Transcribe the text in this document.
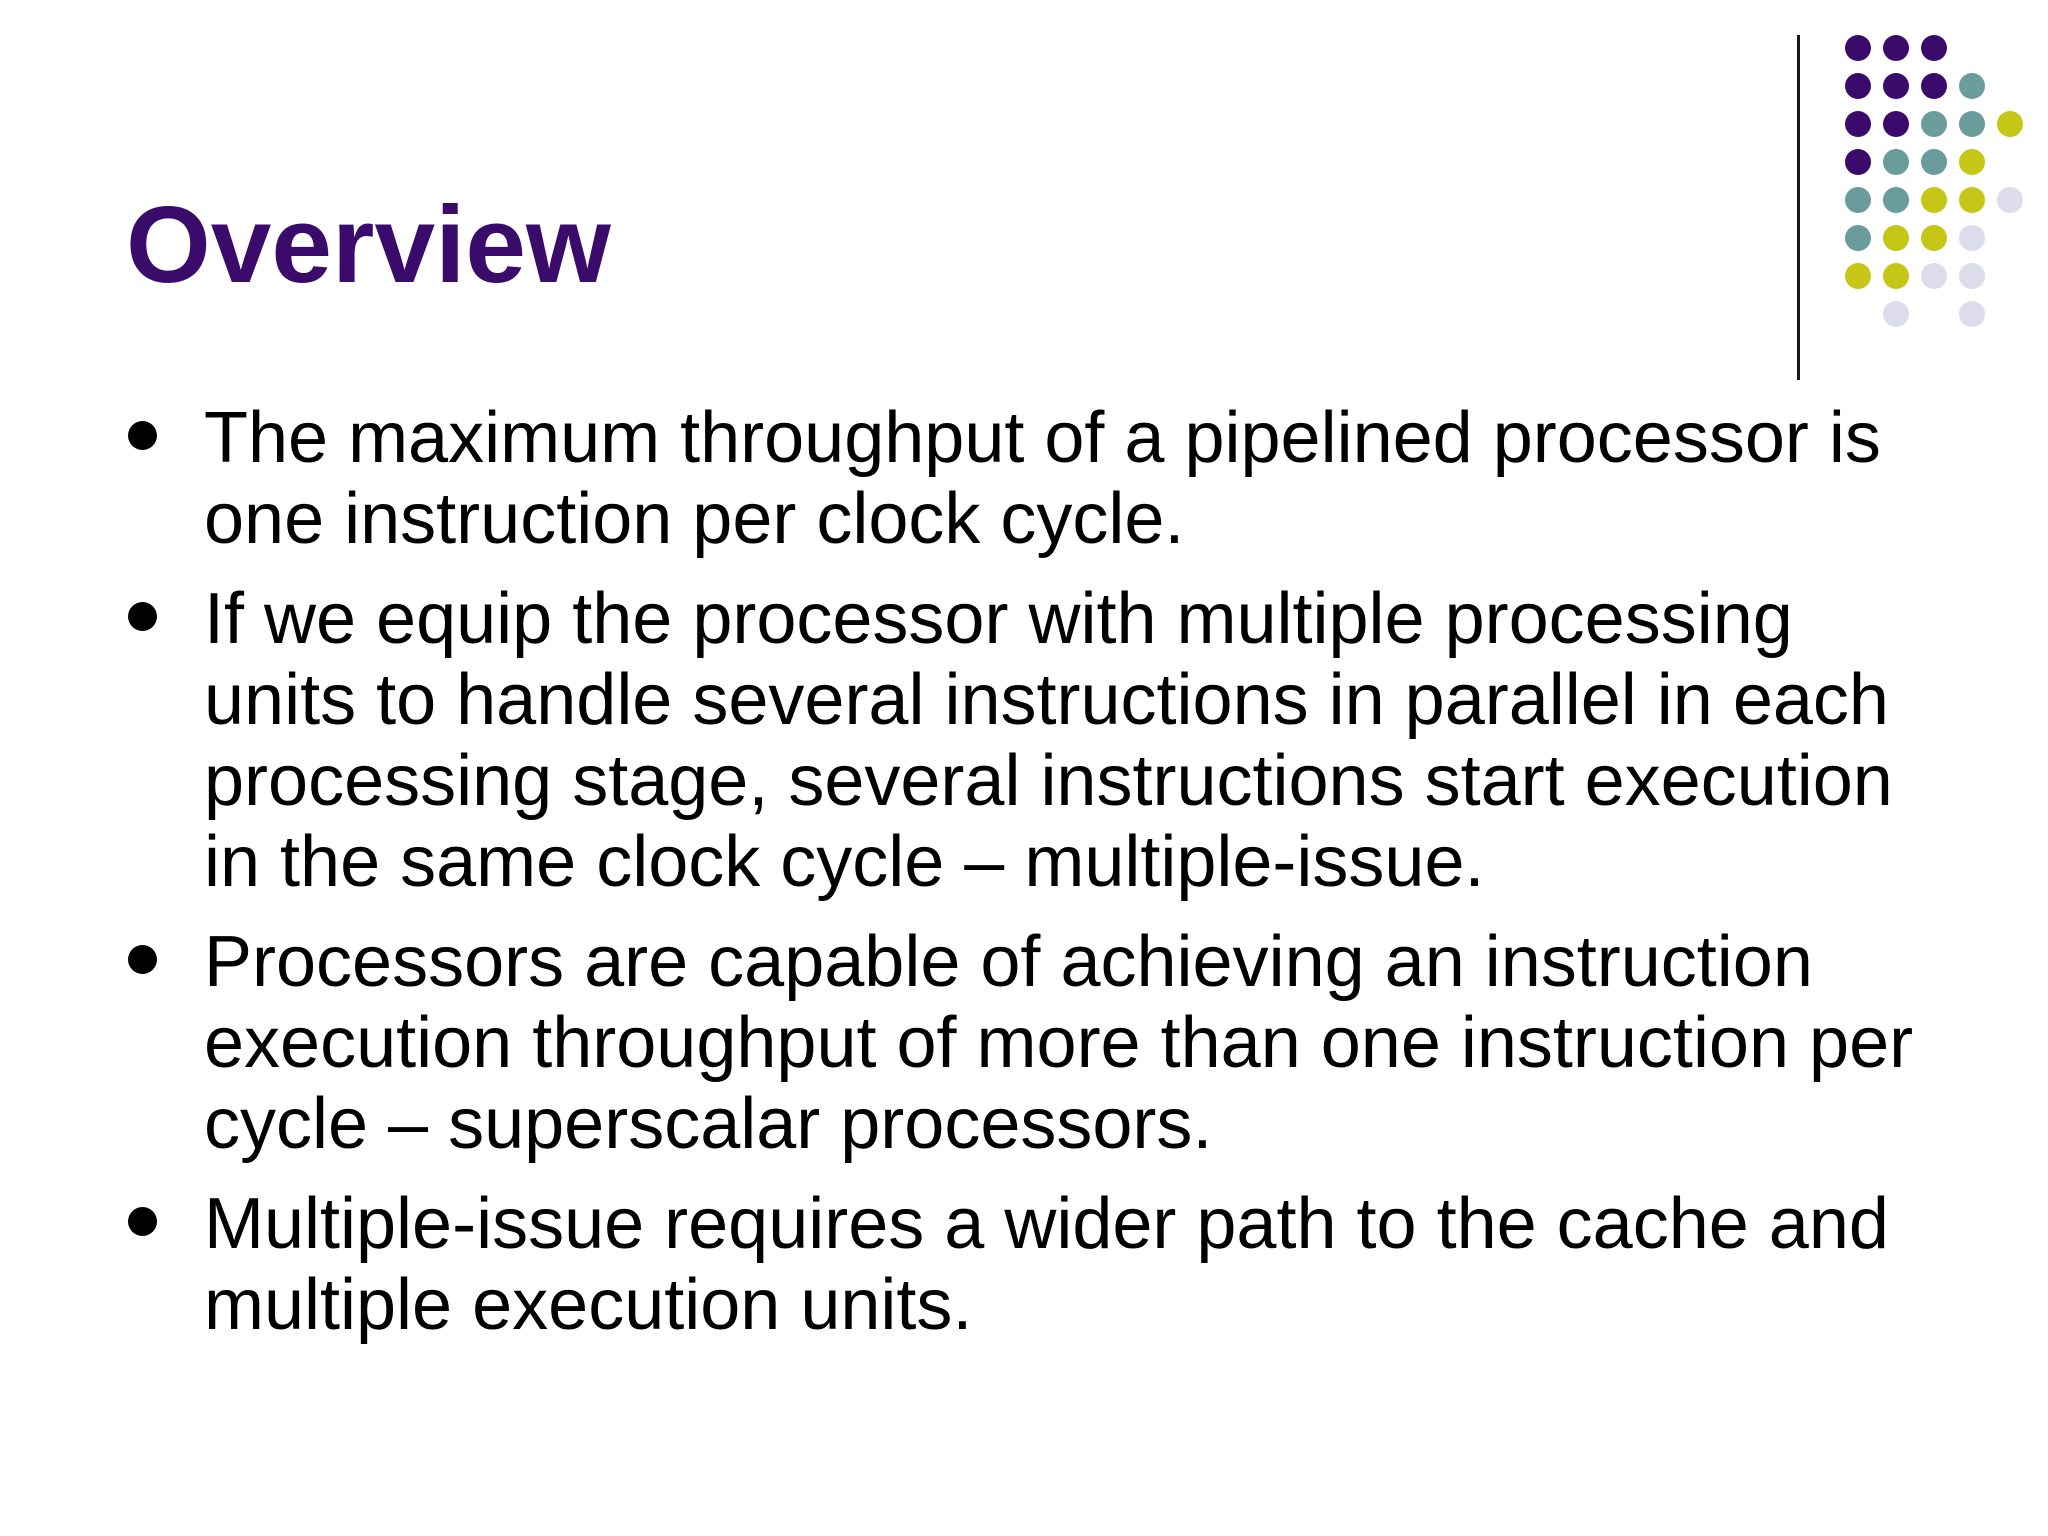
Overview
The maximum throughput of a pipelined processor is one instruction per clock cycle.
If we equip the processor with multiple processing units to handle several instructions in parallel in each processing stage, several instructions start execution in the same clock cycle – multiple-issue.
Processors are capable of achieving an instruction execution throughput of more than one instruction per cycle – superscalar processors.
Multiple-issue requires a wider path to the cache and multiple execution units.
